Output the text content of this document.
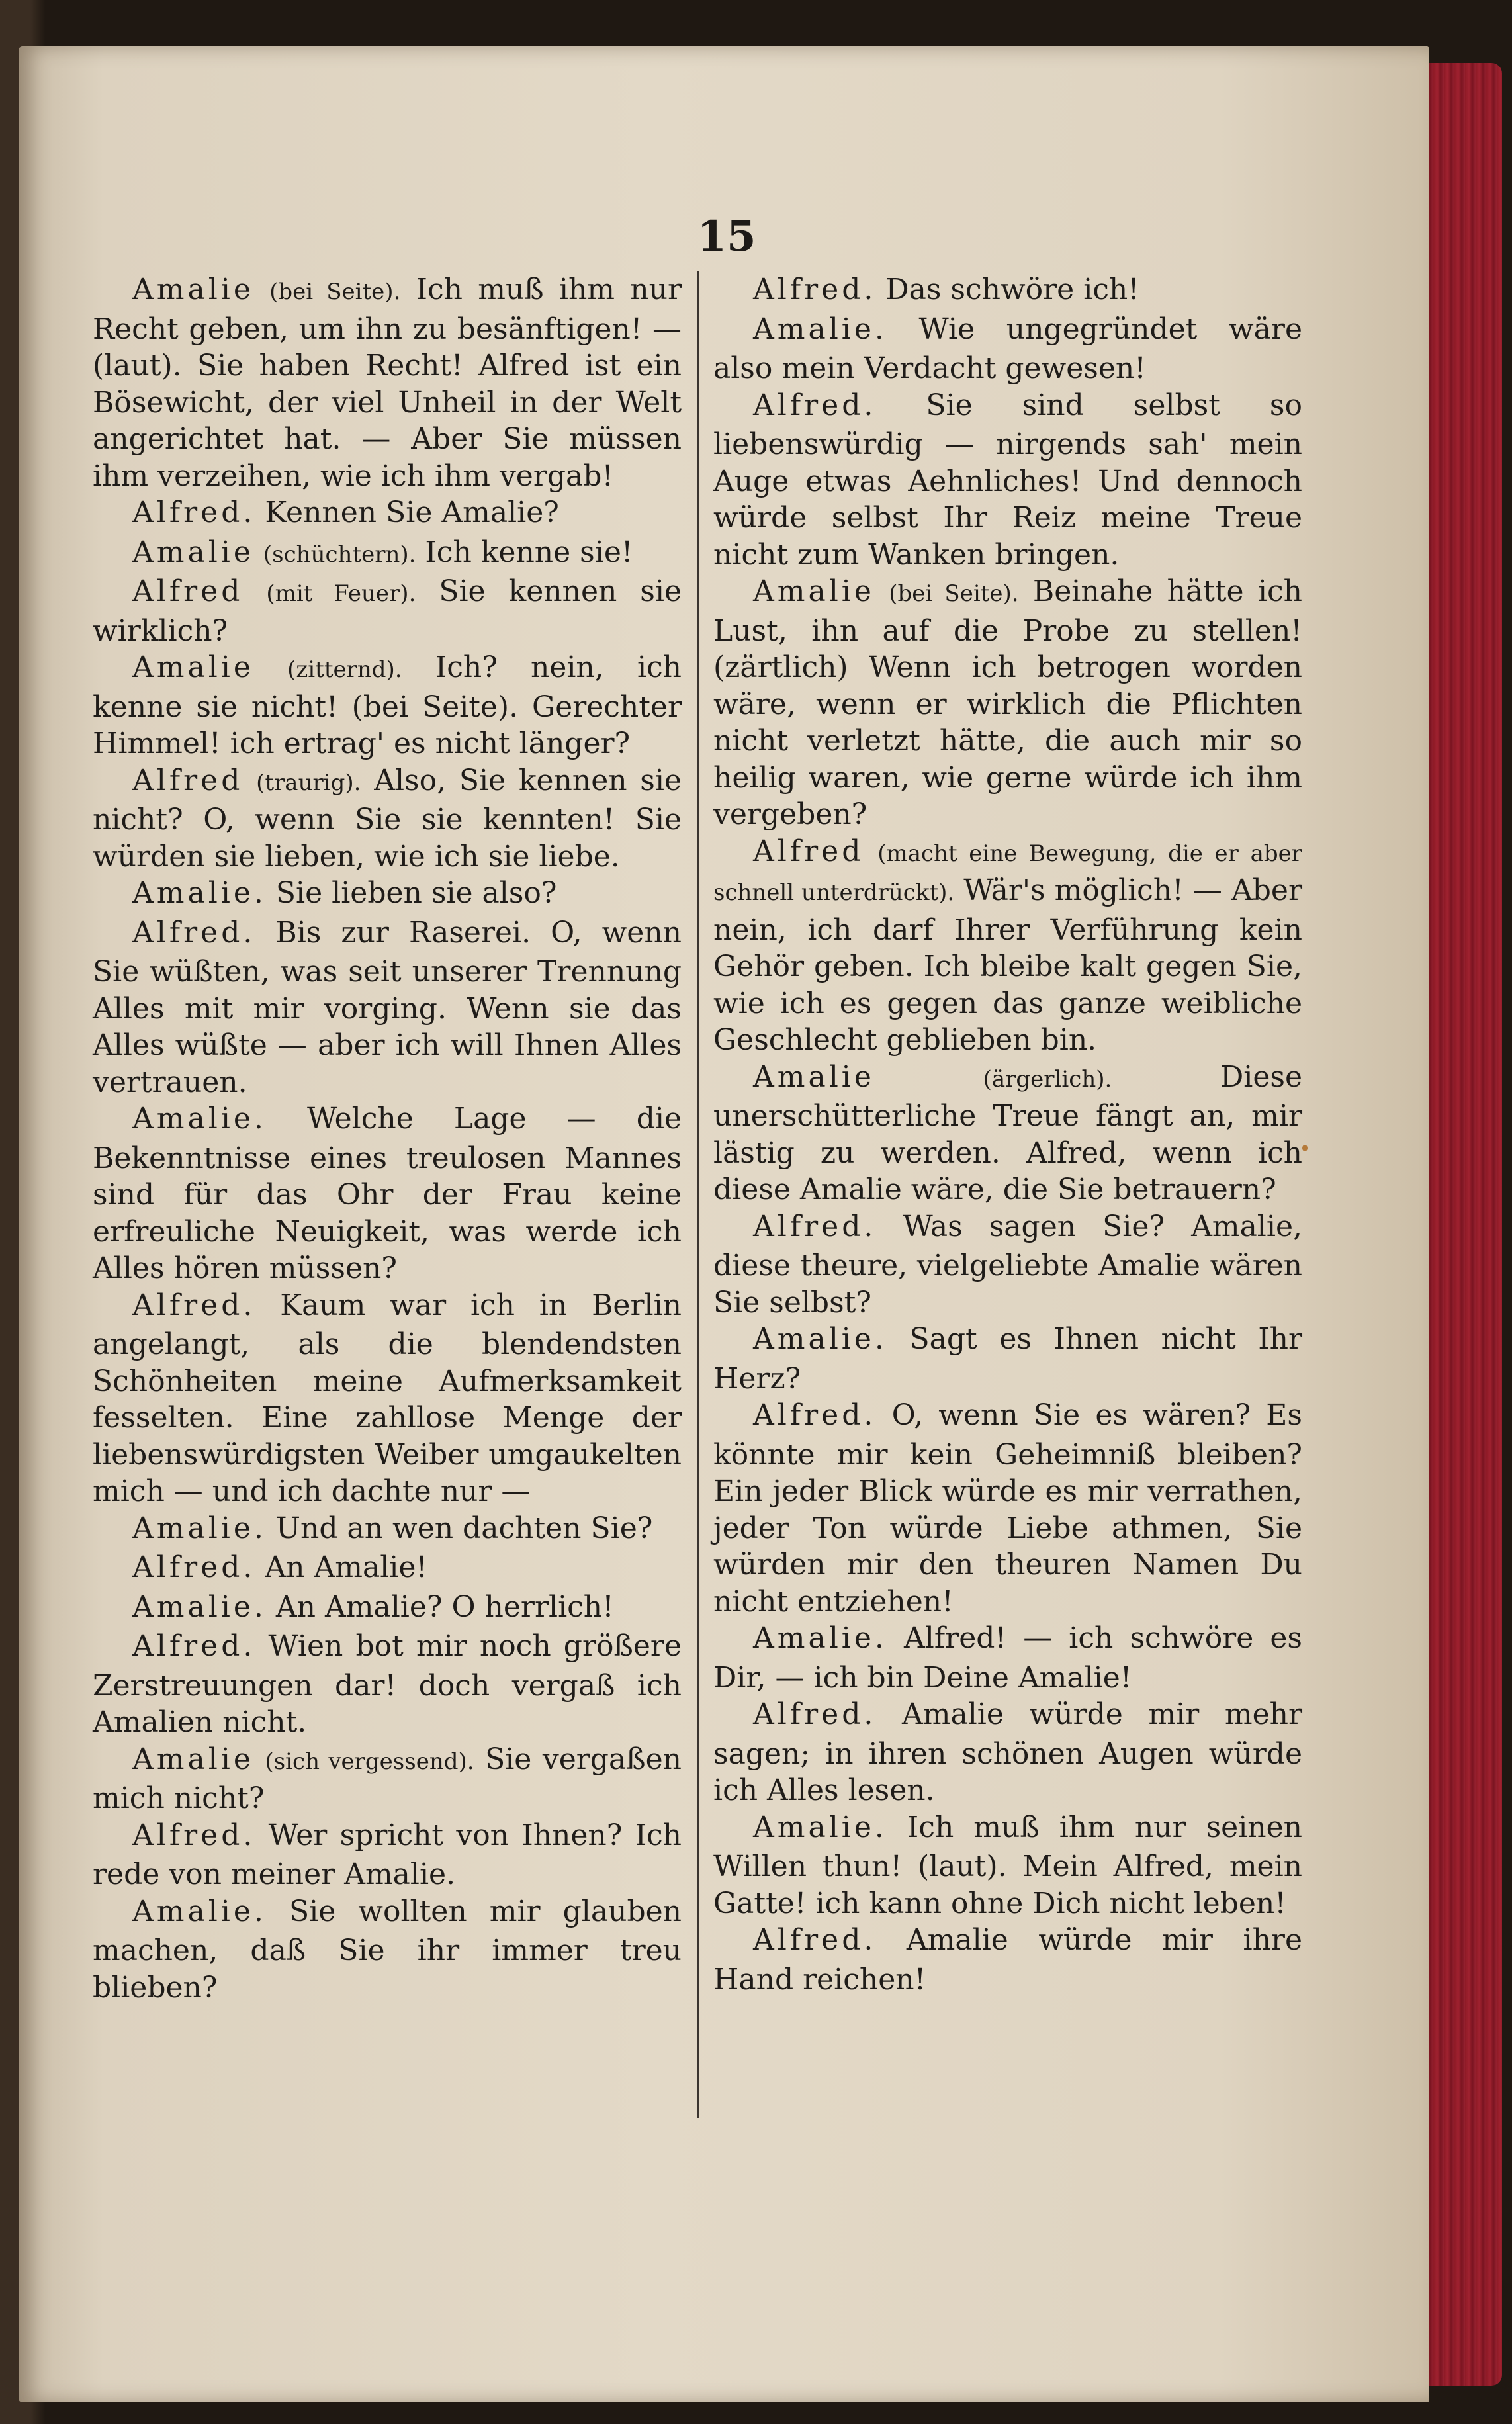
15

Amalie (bei Seite). Ich muß ihm nur Recht geben, um ihn zu besänftigen! — (laut). Sie haben Recht! Alfred ist ein Bösewicht, der viel Unheil in der Welt angerichtet hat. — Aber Sie müssen ihm verzeihen, wie ich ihm vergab!

Alfred. Kennen Sie Amalie?

Amalie (schüchtern). Ich kenne sie!

Alfred (mit Feuer). Sie kennen sie wirklich?

Amalie (zitternd). Ich? nein, ich kenne sie nicht! (bei Seite). Gerechter Himmel! ich ertrag' es nicht länger?

Alfred (traurig). Also, Sie kennen sie nicht? O, wenn Sie sie kennten! Sie würden sie lieben, wie ich sie liebe.

Amalie. Sie lieben sie also?

Alfred. Bis zur Raserei. O, wenn Sie wüßten, was seit unserer Trennung Alles mit mir vorging. Wenn sie das Alles wüßte — aber ich will Ihnen Alles vertrauen.

Amalie. Welche Lage — die Bekenntnisse eines treulosen Mannes sind für das Ohr der Frau keine erfreuliche Neuigkeit, was werde ich Alles hören müssen?

Alfred. Kaum war ich in Berlin angelangt, als die blendendsten Schönheiten meine Aufmerksamkeit fesselten. Eine zahllose Menge der liebenswürdigsten Weiber umgaukelten mich — und ich dachte nur —

Amalie. Und an wen dachten Sie?

Alfred. An Amalie!

Amalie. An Amalie? O herrlich!

Alfred. Wien bot mir noch größere Zerstreuungen dar! doch vergaß ich Amalien nicht.

Amalie (sich vergessend). Sie vergaßen mich nicht?

Alfred. Wer spricht von Ihnen? Ich rede von meiner Amalie.

Amalie. Sie wollten mir glauben machen, daß Sie ihr immer treu blieben?

Alfred. Das schwöre ich!

Amalie. Wie ungegründet wäre also mein Verdacht gewesen!

Alfred. Sie sind selbst so liebenswürdig — nirgends sah' mein Auge etwas Aehnliches! Und dennoch würde selbst Ihr Reiz meine Treue nicht zum Wanken bringen.

Amalie (bei Seite). Beinahe hätte ich Lust, ihn auf die Probe zu stellen! (zärtlich) Wenn ich betrogen worden wäre, wenn er wirklich die Pflichten nicht verletzt hätte, die auch mir so heilig waren, wie gerne würde ich ihm vergeben?

Alfred (macht eine Bewegung, die er aber schnell unterdrückt). Wär's möglich! — Aber nein, ich darf Ihrer Verführung kein Gehör geben. Ich bleibe kalt gegen Sie, wie ich es gegen das ganze weibliche Geschlecht geblieben bin.

Amalie	(ärgerlich).	Diese unerschütterliche Treue fängt an, mir lästig zu werden. Alfred, wenn ich diese Amalie wäre, die Sie betrauern?

Alfred. Was sagen Sie? Amalie, diese theure, vielgeliebte Amalie wären Sie selbst?

Amalie. Sagt es Ihnen nicht Ihr Herz?

Alfred. O, wenn Sie es wären? Es könnte mir kein Geheimniß bleiben? Ein jeder Blick würde es mir verrathen, jeder Ton würde Liebe athmen, Sie würden mir den theuren Namen Du nicht entziehen!

Amalie. Alfred! — ich schwöre es Dir, — ich bin Deine Amalie!

Alfred. Amalie würde mir mehr sagen; in ihren schönen Augen würde ich Alles lesen.

Amalie. Ich muß ihm nur seinen Willen thun! (laut). Mein Alfred, mein Gatte! ich kann ohne Dich nicht leben!

Alfred. Amalie würde mir ihre Hand reichen!
